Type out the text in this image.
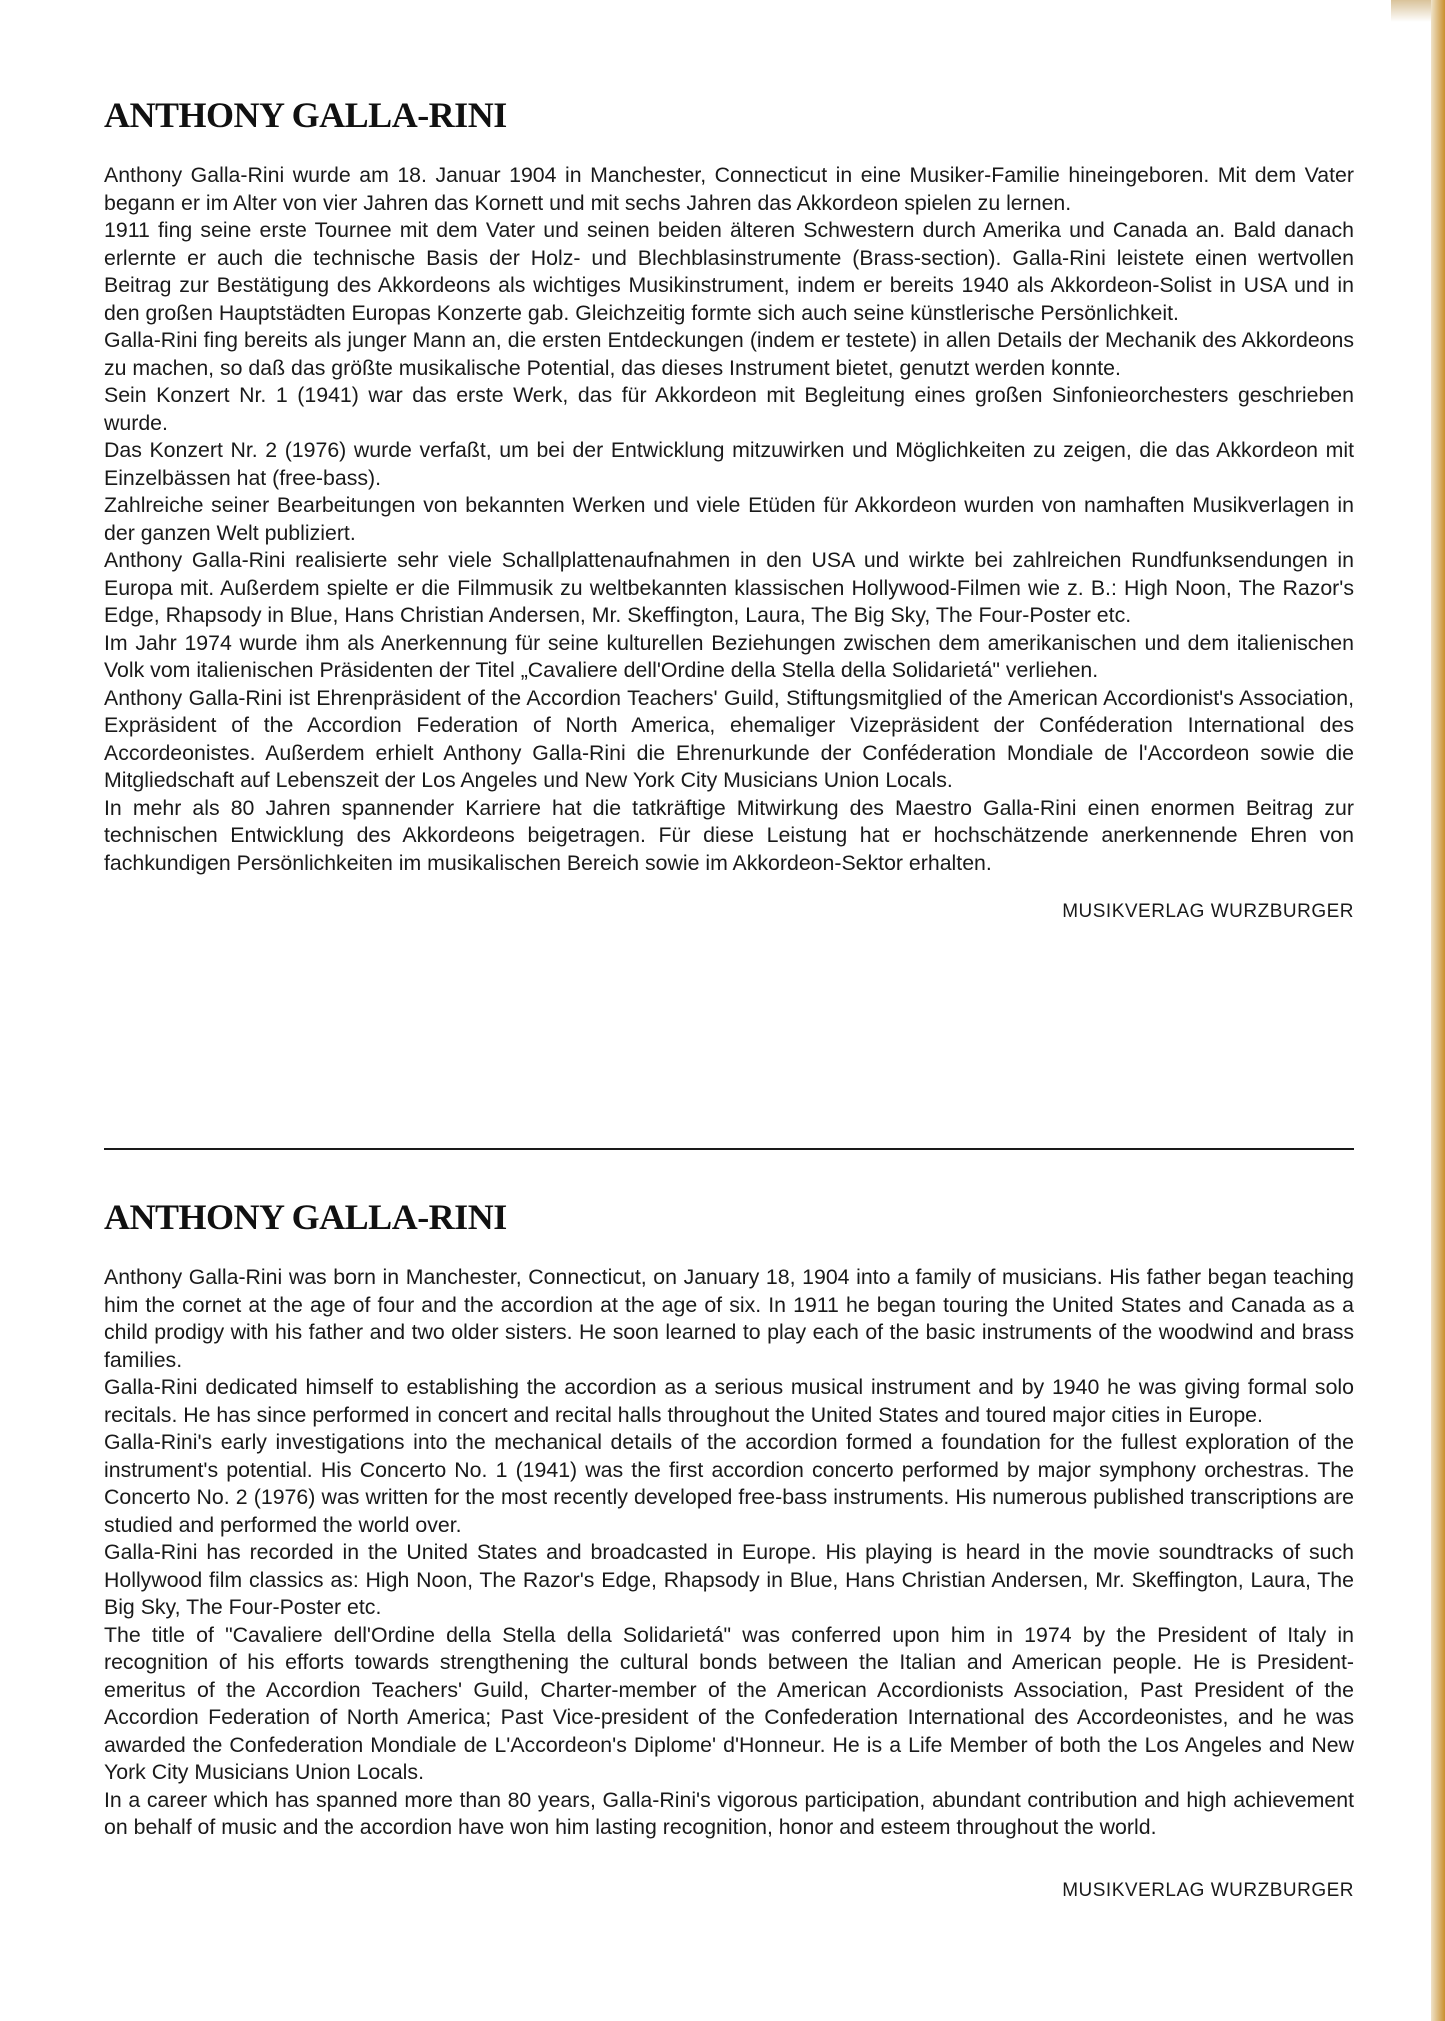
ANTHONY GALLA-RINI

Anthony Galla-Rini wurde am 18. Januar 1904 in Manchester, Connecticut in eine Musiker-Familie hineingeboren. Mit dem Vater begann er im Alter von vier Jahren das Kornett und mit sechs Jahren das Akkordeon spielen zu lernen.

1911 fing seine erste Tournee mit dem Vater und seinen beiden älteren Schwestern durch Amerika und Canada an. Bald danach erlernte er auch die technische Basis der Holz- und Blechblasinstrumente (Brass-section). Galla-Rini leistete einen wertvollen Beitrag zur Bestätigung des Akkordeons als wichtiges Musikinstrument, indem er bereits 1940 als Akkordeon-Solist in USA und in den großen Hauptstädten Europas Konzerte gab. Gleichzeitig formte sich auch seine künstlerische Persönlichkeit.

Galla-Rini fing bereits als junger Mann an, die ersten Entdeckungen (indem er testete) in allen Details der Mechanik des Akkordeons zu machen, so daß das größte musikalische Potential, das dieses Instrument bietet, genutzt werden konnte.

Sein Konzert Nr. 1 (1941) war das erste Werk, das für Akkordeon mit Begleitung eines großen Sinfonieorchesters geschrieben wurde.

Das Konzert Nr. 2 (1976) wurde verfaßt, um bei der Entwicklung mitzuwirken und Möglichkeiten zu zeigen, die das Akkordeon mit Einzelbässen hat (free-bass).

Zahlreiche seiner Bearbeitungen von bekannten Werken und viele Etüden für Akkordeon wurden von namhaften Musikverlagen in der ganzen Welt publiziert.

Anthony Galla-Rini realisierte sehr viele Schallplattenaufnahmen in den USA und wirkte bei zahlreichen Rundfunksendungen in Europa mit. Außerdem spielte er die Filmmusik zu weltbekannten klassischen Hollywood-Filmen wie z. B.: High Noon, The Razor's Edge, Rhapsody in Blue, Hans Christian Andersen, Mr. Skeffington, Laura, The Big Sky, The Four-Poster etc.

Im Jahr 1974 wurde ihm als Anerkennung für seine kulturellen Beziehungen zwischen dem amerikanischen und dem italienischen Volk vom italienischen Präsidenten der Titel „Cavaliere dell'Ordine della Stella della Solidarietá" verliehen.

Anthony Galla-Rini ist Ehrenpräsident of the Accordion Teachers' Guild, Stiftungsmitglied of the American Accordionist's Association, Expräsident of the Accordion Federation of North America, ehemaliger Vizepräsident der Conféderation International des Accordeonistes. Außerdem erhielt Anthony Galla-Rini die Ehrenurkunde der Conféderation Mondiale de l'Accordeon sowie die Mitgliedschaft auf Lebenszeit der Los Angeles und New York City Musicians Union Locals.

In mehr als 80 Jahren spannender Karriere hat die tatkräftige Mitwirkung des Maestro Galla-Rini einen enormen Beitrag zur technischen Entwicklung des Akkordeons beigetragen. Für diese Leistung hat er hochschätzende anerkennende Ehren von fachkundigen Persönlichkeiten im musikalischen Bereich sowie im Akkordeon-Sektor erhalten.

MUSIKVERLAG WURZBURGER
ANTHONY GALLA-RINI

Anthony Galla-Rini was born in Manchester, Connecticut, on January 18, 1904 into a family of musicians. His father began teaching him the cornet at the age of four and the accordion at the age of six. In 1911 he began touring the United States and Canada as a child prodigy with his father and two older sisters. He soon learned to play each of the basic instruments of the woodwind and brass families.

Galla-Rini dedicated himself to establishing the accordion as a serious musical instrument and by 1940 he was giving formal solo recitals. He has since performed in concert and recital halls throughout the United States and toured major cities in Europe.

Galla-Rini's early investigations into the mechanical details of the accordion formed a foundation for the fullest exploration of the instrument's potential. His Concerto No. 1 (1941) was the first accordion concerto performed by major symphony orchestras. The Concerto No. 2 (1976) was written for the most recently developed free-bass instruments. His numerous published transcriptions are studied and performed the world over.

Galla-Rini has recorded in the United States and broadcasted in Europe. His playing is heard in the movie soundtracks of such Hollywood film classics as: High Noon, The Razor's Edge, Rhapsody in Blue, Hans Christian Andersen, Mr. Skeffington, Laura, The Big Sky, The Four-Poster etc.

The title of "Cavaliere dell'Ordine della Stella della Solidarietá" was conferred upon him in 1974 by the President of Italy in recognition of his efforts towards strengthening the cultural bonds between the Italian and American people. He is President-emeritus of the Accordion Teachers' Guild, Charter-member of the American Accordionists Association, Past President of the Accordion Federation of North America; Past Vice-president of the Confederation International des Accordeonistes, and he was awarded the Confederation Mondiale de L'Accordeon's Diplome' d'Honneur. He is a Life Member of both the Los Angeles and New York City Musicians Union Locals.

In a career which has spanned more than 80 years, Galla-Rini's vigorous participation, abundant contribution and high achievement on behalf of music and the accordion have won him lasting recognition, honor and esteem throughout the world.

MUSIKVERLAG WURZBURGER
